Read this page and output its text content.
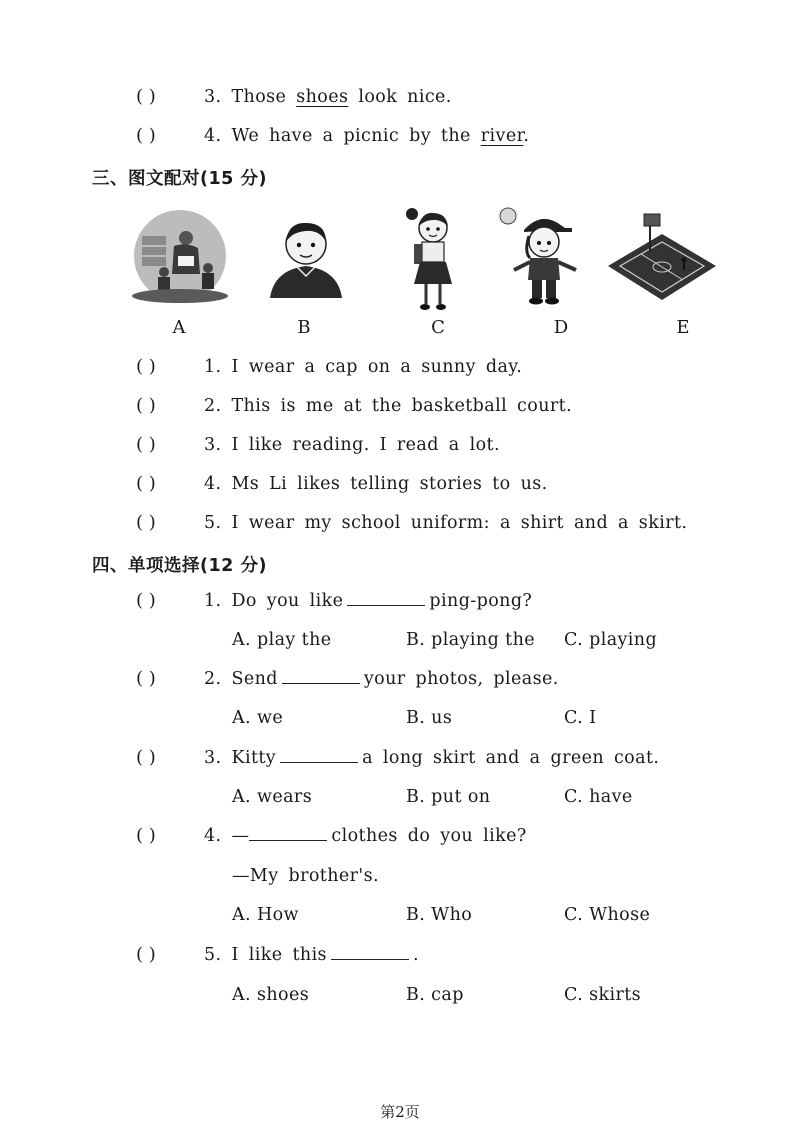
( )	3. Those shoes look nice.
( )	4. We have a picnic by the river.
三、图文配对(15 分)
A	B	C	D	E
( )	1. I wear a cap on a sunny day.
( )	2. This is me at the basketball court.
( )	3. I like reading. I read a lot.
( )	4. Ms Li likes telling stories to us.
( )	5. I wear my school uniform: a shirt and a skirt.
四、单项选择(12 分)
( )	1. Do you like	ping-pong?
A. play the	B. playing the C. playing
( )	2. Send	your photos, please.
A. we	B. us	C. I
( )	3. Kitty	a long skirt and a green coat.
A. wears	B. put on	C. have
( )	4. —	clothes do you like?
—My brother's.
A. How	B. Who	C. Whose
( )	5. I like this	.
A. shoes	B. cap	C. skirts
第2页
